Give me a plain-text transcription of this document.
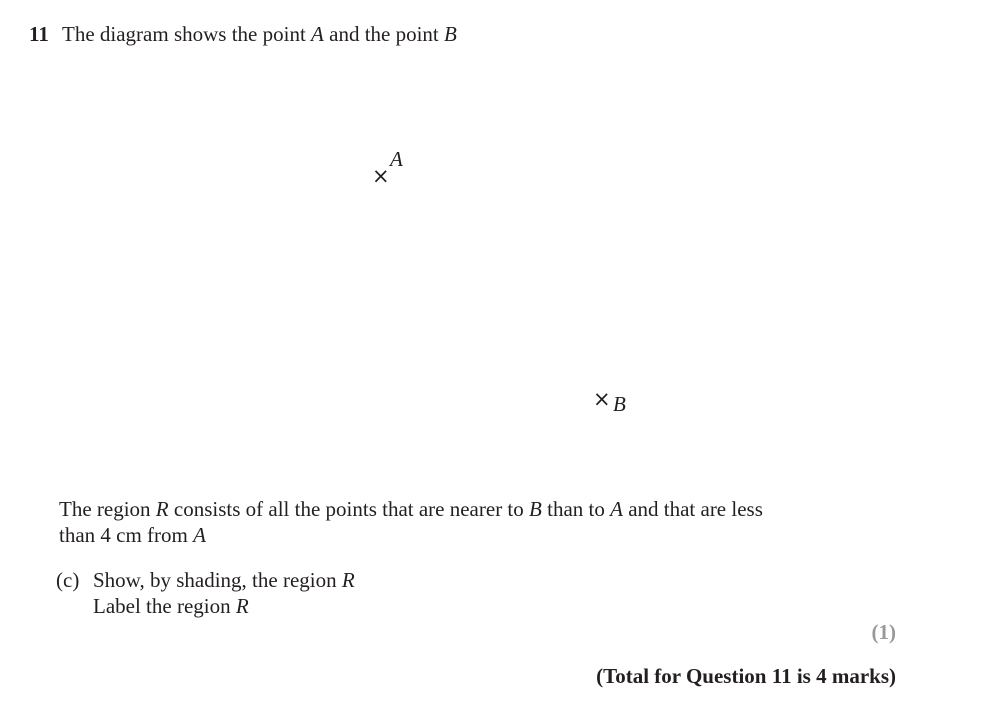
11 The diagram shows the point A and the point B
×
A
× B
The region R consists of all the points that are nearer to B than to A and that are less
than 4 cm from A
(c) Show, by shading, the region R
Label the region R
(1)
(Total for Question 11 is 4 marks)
